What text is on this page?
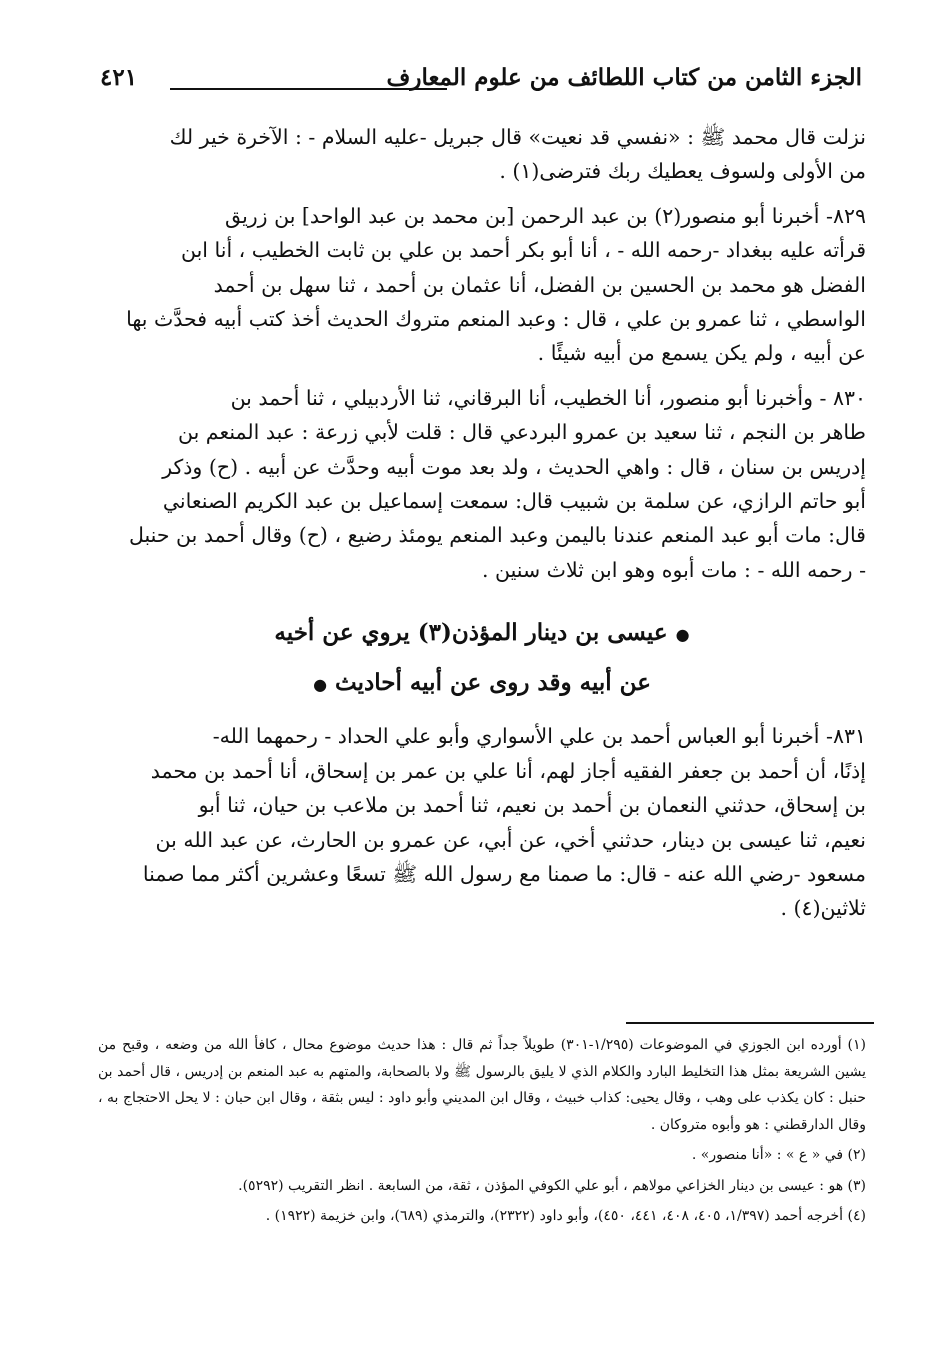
الجزء الثامن من كتاب اللطائف من علوم المعارف
٤٢١

نزلت قال محمد ﷺ : «نفسي قد نعيت» قال جبريل -عليه السلام - : الآخرة خير لك

من الأولى ولسوف يعطيك ربك فترضى(١) .

٨٢٩- أخبرنا أبو منصور(٢) بن عبد الرحمن [بن محمد بن عبد الواحد] بن زريق

قرأته عليه ببغداد -رحمه الله - ، أنا أبو بكر أحمد بن علي بن ثابت الخطيب ، أنا ابن

الفضل هو محمد بن الحسين بن الفضل، أنا عثمان بن أحمد ، ثنا سهل بن أحمد

الواسطي ، ثنا عمرو بن علي ، قال : وعبد المنعم متروك الحديث أخذ كتب أبيه فحدَّث بها

عن أبيه ، ولم يكن يسمع من أبيه شيئًا .

٨٣٠ - وأخبرنا أبو منصور، أنا الخطيب، أنا البرقاني، ثنا الأردبيلي ، ثنا أحمد بن

طاهر بن النجم ، ثنا سعيد بن عمرو البردعي قال : قلت لأبي زرعة : عبد المنعم بن

إدريس بن سنان ، قال : واهي الحديث ، ولد بعد موت أبيه وحدَّث عن أبيه . (ح) وذكر

أبو حاتم الرازي، عن سلمة بن شبيب قال: سمعت إسماعيل بن عبد الكريم الصنعاني

قال: مات أبو عبد المنعم عندنا باليمن وعبد المنعم يومئذ رضيع ، (ح) وقال أحمد بن حنبل

- رحمه الله - : مات أبوه وهو ابن ثلاث سنين .

● عيسى بن دينار المؤذن(٣) يروي عن أخيه
عن أبيه وقد روى عن أبيه أحاديث ●

٨٣١- أخبرنا أبو العباس أحمد بن علي الأسواري وأبو علي الحداد - رحمهما الله-

إذنًا، أن أحمد بن جعفر الفقيه أجاز لهم، أنا علي بن عمر بن إسحاق، أنا أحمد بن محمد

بن إسحاق، حدثني النعمان بن أحمد بن نعيم، ثنا أحمد بن ملاعب بن حيان، ثنا أبو

نعيم، ثنا عيسى بن دينار، حدثني أخي، عن أبي، عن عمرو بن الحارث، عن عبد الله بن

مسعود -رضي الله عنه - قال: ما صمنا مع رسول الله ﷺ تسعًا وعشرين أكثر مما صمنا

ثلاثين(٤) .

(١) أورده ابن الجوزي في الموضوعات (١/٢٩٥-٣٠١) طويلاً جداً ثم قال : هذا حديث موضوع محال ، كافأ الله من وضعه ، وقبح من يشين الشريعة بمثل هذا التخليط البارد والكلام الذي لا يليق بالرسول ﷺ ولا بالصحابة، والمتهم به عبد المنعم بن إدريس ، قال أحمد بن حنبل : كان يكذب على وهب ، وقال يحيى: كذاب خبيث ، وقال ابن المديني وأبو داود : ليس بثقة ، وقال ابن حبان : لا يحل الاحتجاج به ، وقال الدارقطني : هو وأبوه متروكان .

(٢) في « ع » : «أنا منصور» .

(٣) هو : عيسى بن دينار الخزاعي مولاهم ، أبو علي الكوفي المؤذن ، ثقة، من السابعة . انظر التقريب (٥٢٩٢).

(٤) أخرجه أحمد (١/٣٩٧، ٤٠٥، ٤٠٨، ٤٤١، ٤٥٠)، وأبو داود (٢٣٢٢)، والترمذي (٦٨٩)، وابن خزيمة (١٩٢٢) .
